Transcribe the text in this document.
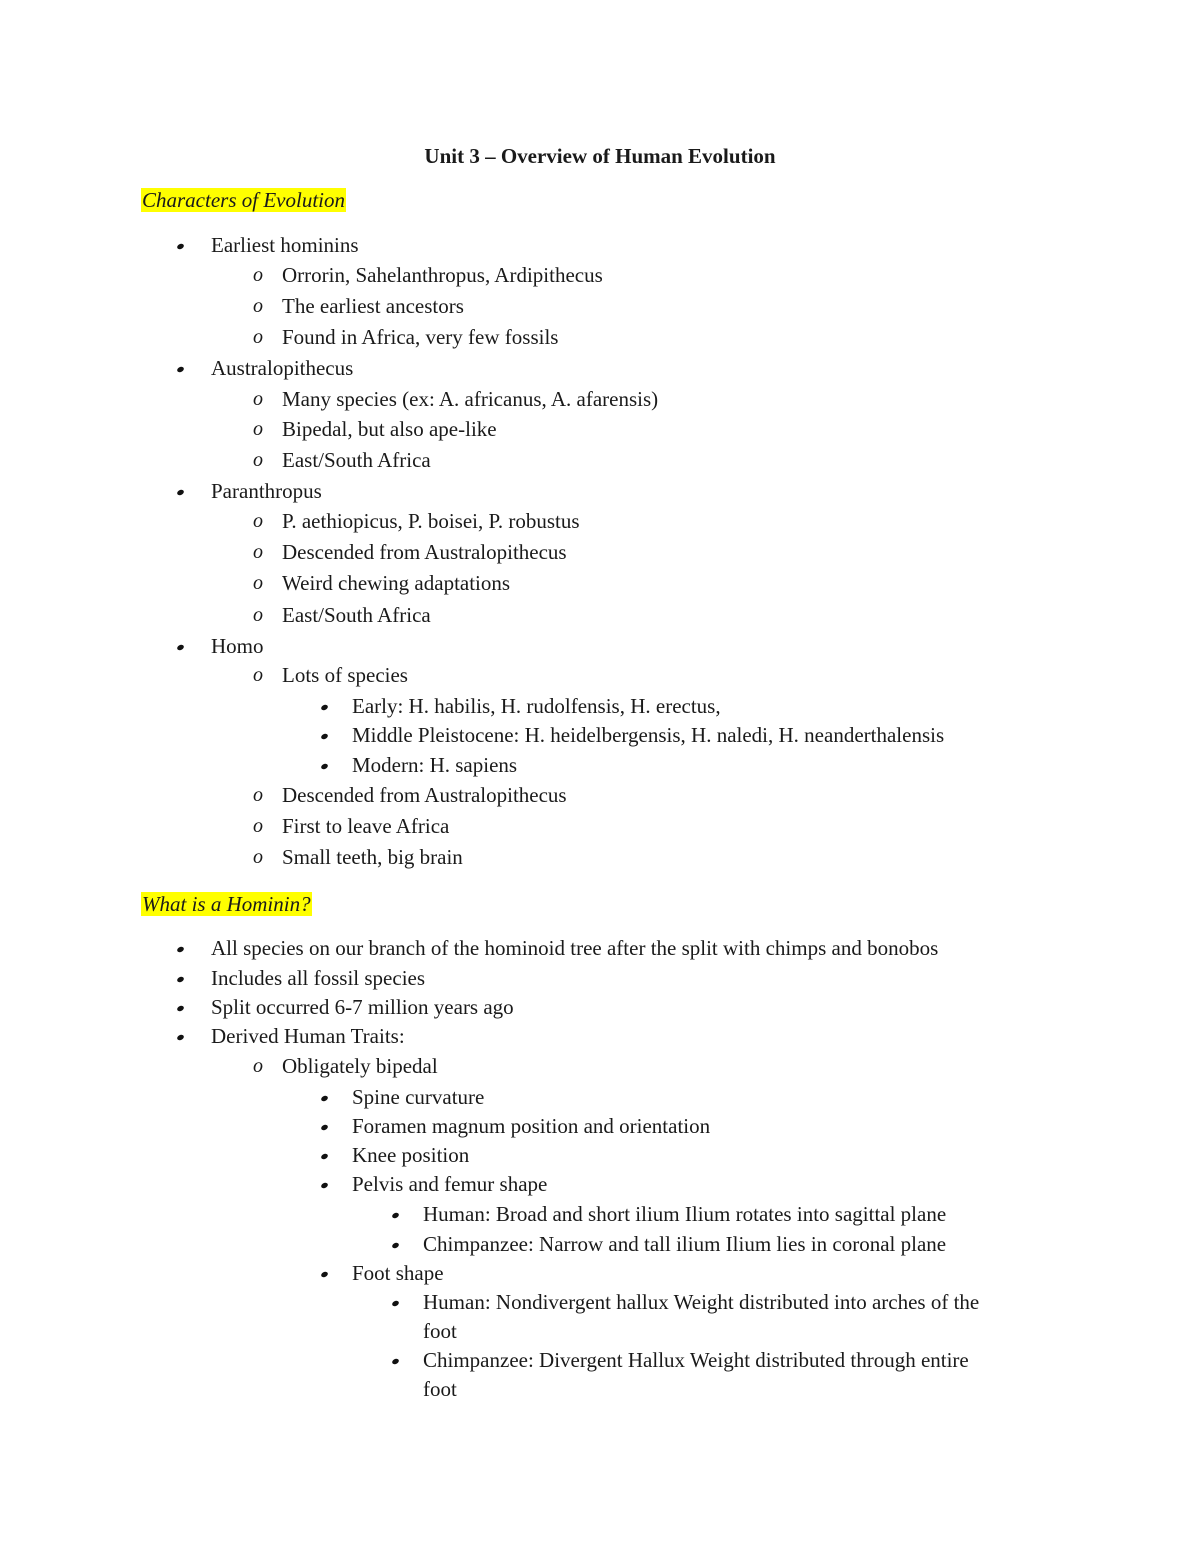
Unit 3 – Overview of Human Evolution
Characters of Evolution
Earliest hominins
o Orrorin, Sahelanthropus, Ardipithecus
o The earliest ancestors
o Found in Africa, very few fossils
Australopithecus
o Many species (ex: A. africanus, A. afarensis)
o Bipedal, but also ape-like
o East/South Africa
Paranthropus
o P. aethiopicus, P. boisei, P. robustus
o Descended from Australopithecus
o Weird chewing adaptations
o East/South Africa
Homo
o Lots of species
Early: H. habilis, H. rudolfensis, H. erectus,
Middle Pleistocene: H. heidelbergensis, H. naledi, H. neanderthalensis
Modern: H. sapiens
o Descended from Australopithecus
o First to leave Africa
o Small teeth, big brain
What is a Hominin?
All species on our branch of the hominoid tree after the split with chimps and bonobos
Includes all fossil species
Split occurred 6-7 million years ago
Derived Human Traits:
o Obligately bipedal
Spine curvature
Foramen magnum position and orientation
Knee position
Pelvis and femur shape
Human: Broad and short ilium Ilium rotates into sagittal plane
Chimpanzee: Narrow and tall ilium Ilium lies in coronal plane
Foot shape
Human: Nondivergent hallux Weight distributed into arches of the
foot
Chimpanzee: Divergent Hallux Weight distributed through entire
foot
